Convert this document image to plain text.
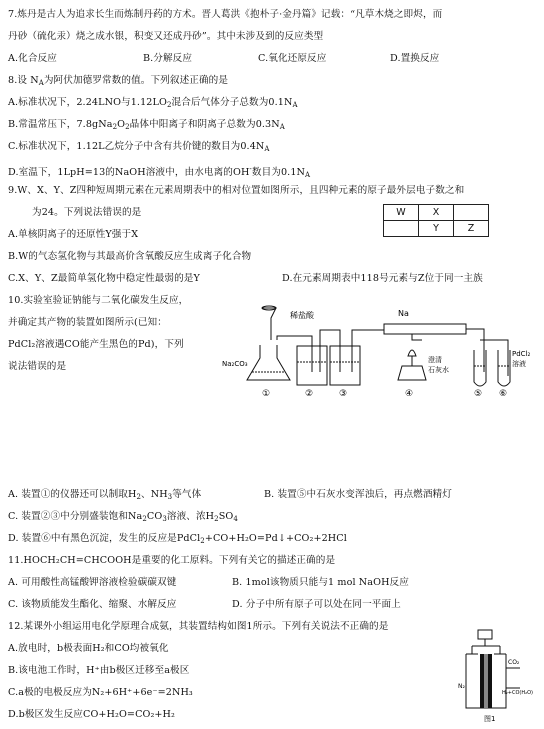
7.炼丹是古人为追求长生而炼制丹药的方术。晋人葛洪《抱朴子·金丹篇》记载：“凡草木烧之即烬，而
丹砂（硫化汞）烧之成水银，积变又还成丹砂”。其中未涉及到的反应类型
A.化合反应	B.分解反应	C.氧化还原反应	D.置换反应
8.设 $N_A$为阿伏加德罗常数的值。下列叙述正确的是
A.标准状况下，2.24LNO与$1.12LO_2$混合后气体分子总数为$0.1N_A$
B.常温常压下，$7.8gNa_2O_2$晶体中阳离子和阴离子总数为$0.3N_A$
C.标准状况下，1.12L乙烷分子中含有共价键的数目为$0.4N_A$
D.室温下，1LpH=13的NaOH溶液中，由水电离的OH-数目为$0.1N_A$
9.W、X、Y、Z四种短周期元素在元素周期表中的相对位置如图所示，且四种元素的原子最外层电子数之和
为24。下列说法错误的是	W	X	
	Y	Z
A.单核阴离子的还原性Y强于X
B.W的气态氢化物与其最高价含氧酸反应生成离子化合物
C.X、Y、Z最简单氢化物中稳定性最弱的是Y	D.在元素周期表中118号元素与Z位于同一主族
10.实验室验证钠能与二氧化碳发生反应，
并确定其产物的装置如图所示(已知：
PdCl₂溶液遇CO能产生黑色的Pd)，下列
说法错误的是
稀盐酸	Na
Na₂CO₃	澄清
石灰水
PdCl₂
溶液
①	②	③	④	⑤ ⑥
A. 装置①的仪器还可以制取$H_2$、$NH_3$等气体	B. 装置⑤中石灰水变浑浊后，再点燃酒精灯
C. 装置②③中分别盛装饱和$Na_2CO_3$溶液、浓$H_2SO_4$
D. 装置⑥中有黑色沉淀，发生的反应是PdCl$_2$+CO+H₂O=Pd↓+CO₂+2HCl
11.HOCH₂CH=CHCOOH是重要的化工原料。下列有关它的描述正确的是
A. 可用酸性高锰酸钾溶液检验碳碳双键	B. 1mol该物质只能与1 mol NaOH反应
C. 该物质能发生酯化、缩聚、水解反应	D. 分子中所有原子可以处在同一平面上
12.某课外小组运用电化学原理合成氨，其装置结构如图1所示。下列有关说法不正确的是
A.放电时，b极表面H₂和CO均被氧化
B.该电池工作时，H⁺由b极区迁移至a极区
C.a极的电极反应为N₂+6H⁺+6e⁻=2NH₃
D.b极区发生反应CO+H₂O=CO₂+H₂
CO₂
N₂
H₂+CO(H₂O)
图1
